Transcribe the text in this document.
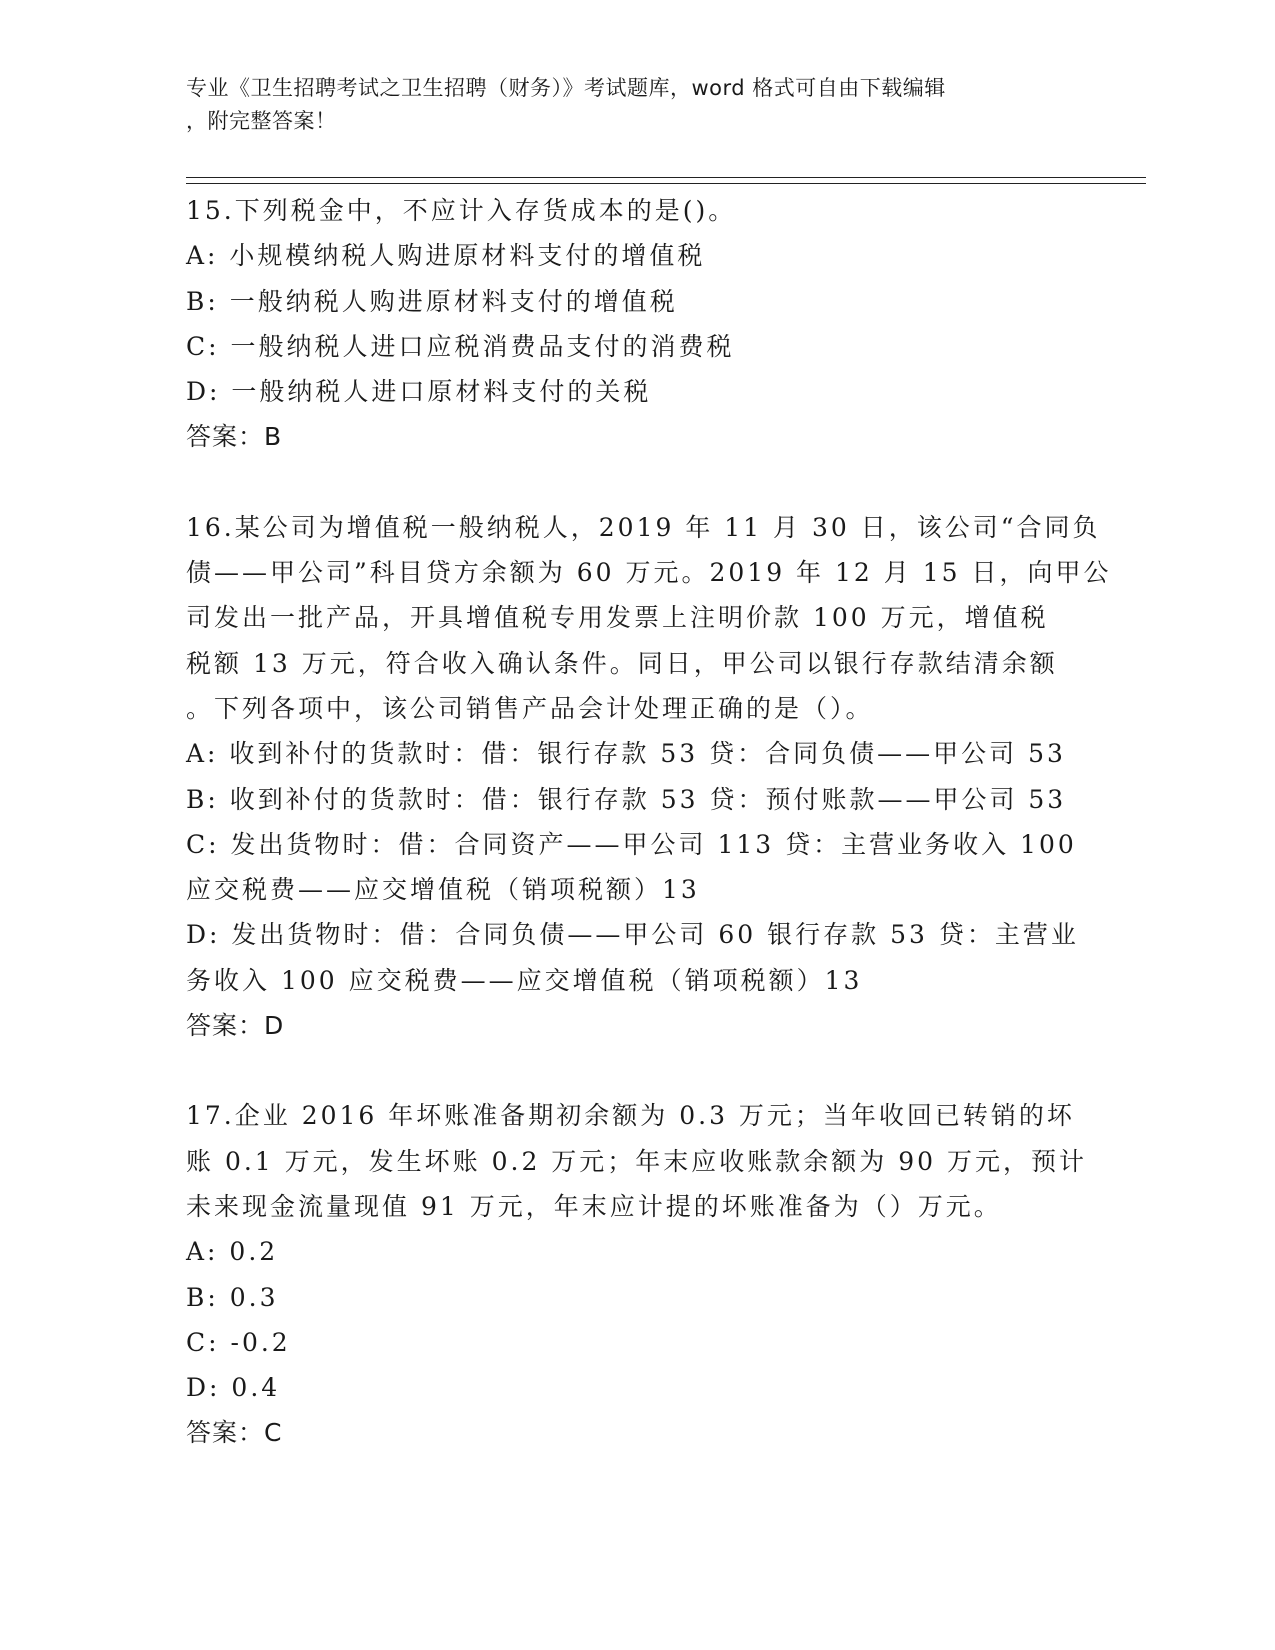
专业《卫生招聘考试之卫生招聘（财务）》考试题库，word 格式可自由下载编辑
，附完整答案！
15.下列税金中，不应计入存货成本的是()。
A: 小规模纳税人购进原材料支付的增值税
B: 一般纳税人购进原材料支付的增值税
C: 一般纳税人进口应税消费品支付的消费税
D: 一般纳税人进口原材料支付的关税
答案：B
16.某公司为增值税一般纳税人，2019 年 11 月 30 日，该公司“合同负
债——甲公司”科目贷方余额为 60 万元。2019 年 12 月 15 日，向甲公
司发出一批产品，开具增值税专用发票上注明价款 100 万元，增值税
税额 13 万元，符合收入确认条件。同日，甲公司以银行存款结清余额
。下列各项中，该公司销售产品会计处理正确的是（）。
A: 收到补付的货款时：借：银行存款 53 贷：合同负债——甲公司 53
B: 收到补付的货款时：借：银行存款 53 贷：预付账款——甲公司 53
C: 发出货物时：借：合同资产——甲公司 113 贷：主营业务收入 100
应交税费——应交增值税（销项税额）13
D: 发出货物时：借：合同负债——甲公司 60 银行存款 53 贷：主营业
务收入 100 应交税费——应交增值税（销项税额）13
答案：D
17.企业 2016 年坏账准备期初余额为 0.3 万元；当年收回已转销的坏
账 0.1 万元，发生坏账 0.2 万元；年末应收账款余额为 90 万元，预计
未来现金流量现值 91 万元，年末应计提的坏账准备为（）万元。
A: 0.2
B: 0.3
C: -0.2
D: 0.4
答案：C
